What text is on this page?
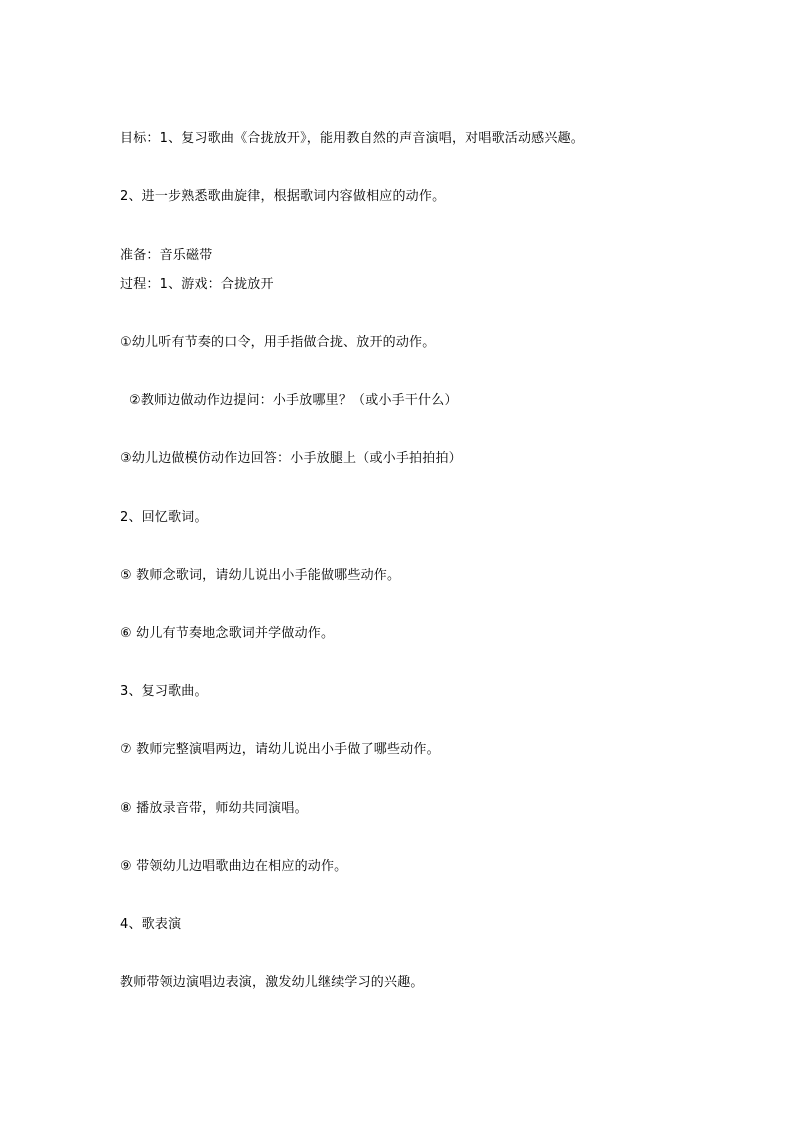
目标：1、复习歌曲《合拢放开》，能用教自然的声音演唱，对唱歌活动感兴趣。
2、进一步熟悉歌曲旋律，根据歌词内容做相应的动作。
准备：音乐磁带
过程：1、游戏：合拢放开
①幼儿听有节奏的口令，用手指做合拢、放开的动作。
②教师边做动作边提问：小手放哪里？（或小手干什么）
③幼儿边做模仿动作边回答：小手放腿上（或小手拍拍拍）
2、回忆歌词。
⑤ 教师念歌词，请幼儿说出小手能做哪些动作。
⑥ 幼儿有节奏地念歌词并学做动作。
3、复习歌曲。
⑦ 教师完整演唱两边，请幼儿说出小手做了哪些动作。
⑧ 播放录音带，师幼共同演唱。
⑨ 带领幼儿边唱歌曲边在相应的动作。
4、歌表演
教师带领边演唱边表演，激发幼儿继续学习的兴趣。
